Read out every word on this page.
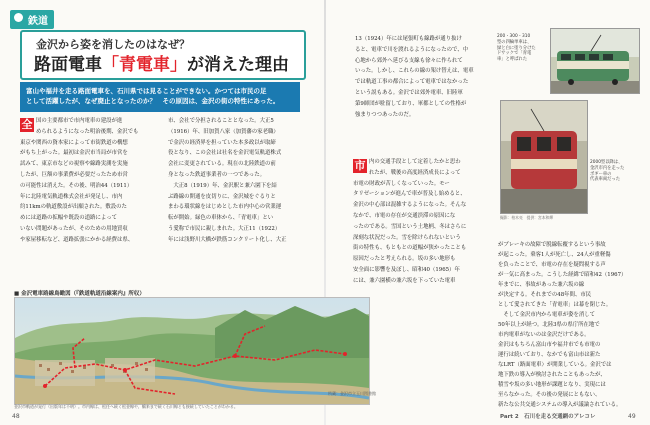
鉄道
金沢から姿を消したのはなぜ？
路面電車「青電車」が消えた理由
富山や福井を走る路面電車を、石川県では見ることができない。かつては市民の足
として活躍したが、なぜ廃止となったのか？　その原因は、金沢の街の特性にあった。
全 国の主要都市で市内電車の建設が進
められるようになった明治後期、金沢でも
東京や関西の資本家によって市街鉄道の構想
がもち上がった。最初は金沢市当局が市営を
試みて、東京市などの視察や線路実測を実施
したが、巨額の事業費が必要だったため市営
の可能性は消えた。その後、明治44（1911）
年に北陸電気軌道株式会社が発足し、市内
約11kmの軌道敷設が出願された。敷設のた
めには道路の拡幅や既設の道路によって
いない問題があったが、そのための用地買収
や家屋移転など、道路拡張にかかる経費は県、
市、会社で分担されることとなった。大正5
（1916）年、旧加賀八家（加賀藩の家老職）
で金沢の経済界を担っていた本多政以が取締
役となり、この会社は社名を金沢電気軌道株式
会社に変更されている。現在の北陸鉄道の前
身となった鉄道事業者の一つであった。
　大正8（1919）年、金沢駅と兼六園下を結
ぶ路線の開通を皮切りに、金沢城をぐるりと
まわる環状線をはじめとした市内中心の営業運
転が開始。緑色の車体から、「青電車」とい
う愛称で市民に親しまれた。大正11（1922）
年には浅野川大橋が鉄筋コンクリート化し、大正
13（1924）年には尾張町も線路が通り抜け
ると、電車で川を渡れるようになったので、中
心地から郊外へ延びる支線も徐々に作られて
いった。しかし、これらの線の架け替えは、電車
では軌道工事の都合によって電車ではなかった
という説もある。金沢では郊外電車、旧陸軍
第9師団が駐留しており、軍都としての性格が
強まりつつあったのだ。
市 内の交通手段として定着したかと思わ
れたが、戦後の高度経済成長によって
市電の財政が苦しくなっていった。モー
タリゼーションが進んで車が普及し始めると、
金沢の中心部は混雑するようになった。そんな
なかで、市電の存在が交通渋滞の原因にな
ったのである。雪国という土地柄、冬はさらに
深刻な状況だった。雪を除けられないという
街の特性も、もともとの道幅が狭かったことも
原因だったと考えられる。坂の多い地形も
安全面に影響を及ぼし、昭和40（1965）年
には、兼六園横の兼六坂を下っていた電車
がブレーキの故障で脱線転覆するという事故
が起こった。乗客1人が死亡し、24人が重軽傷
を負ったことで、市電の存在を疑問視する声
が一気に高まった。こうした経緯で昭和42（1967）
年までに、事故があった兼六坂の線
が決定する。それまでの48年間、市民
として愛されてきた「青電車」は幕を閉じた。
　そして金沢市内から電車が姿を消して
50年以上が経つ。北陸3県の県庁所在地で
市内電車がないのは金沢だけである。
金沢はもちろん富山市や福井市でも市電の
運行は続いており、なかでも富山市は新た
なLRT（路面電車）が開業している。金沢では
地下鉄の導入が検討されたこともあったが、
積雪や坂の多い地形が課題となり、実現には
至らなかった。その後の発展にともない、
新たな公共交通システムの導入が議論されている。
200・300・310
型の四輪単車は、
緑と白に塗り分けた
ドサックで「青電
車」と呼ばれた
2000型以降は、
金沢市内を走った
ボギー車の
代表車両だった
撮影：柏木亮　提供：宮本和輝
■ 金沢電車路線鳥瞰図（『鉄道軌道沿線案内』所収）
所蔵：金沢市立玉川図書館
金沢市軌道が発行（出版年は不明）。市内線は、松任へ続く松金線や、鶴来まで続く石川線とも接続していたことがわかる。
48	Part 2　石川を走る交通網のアレコレ	49
